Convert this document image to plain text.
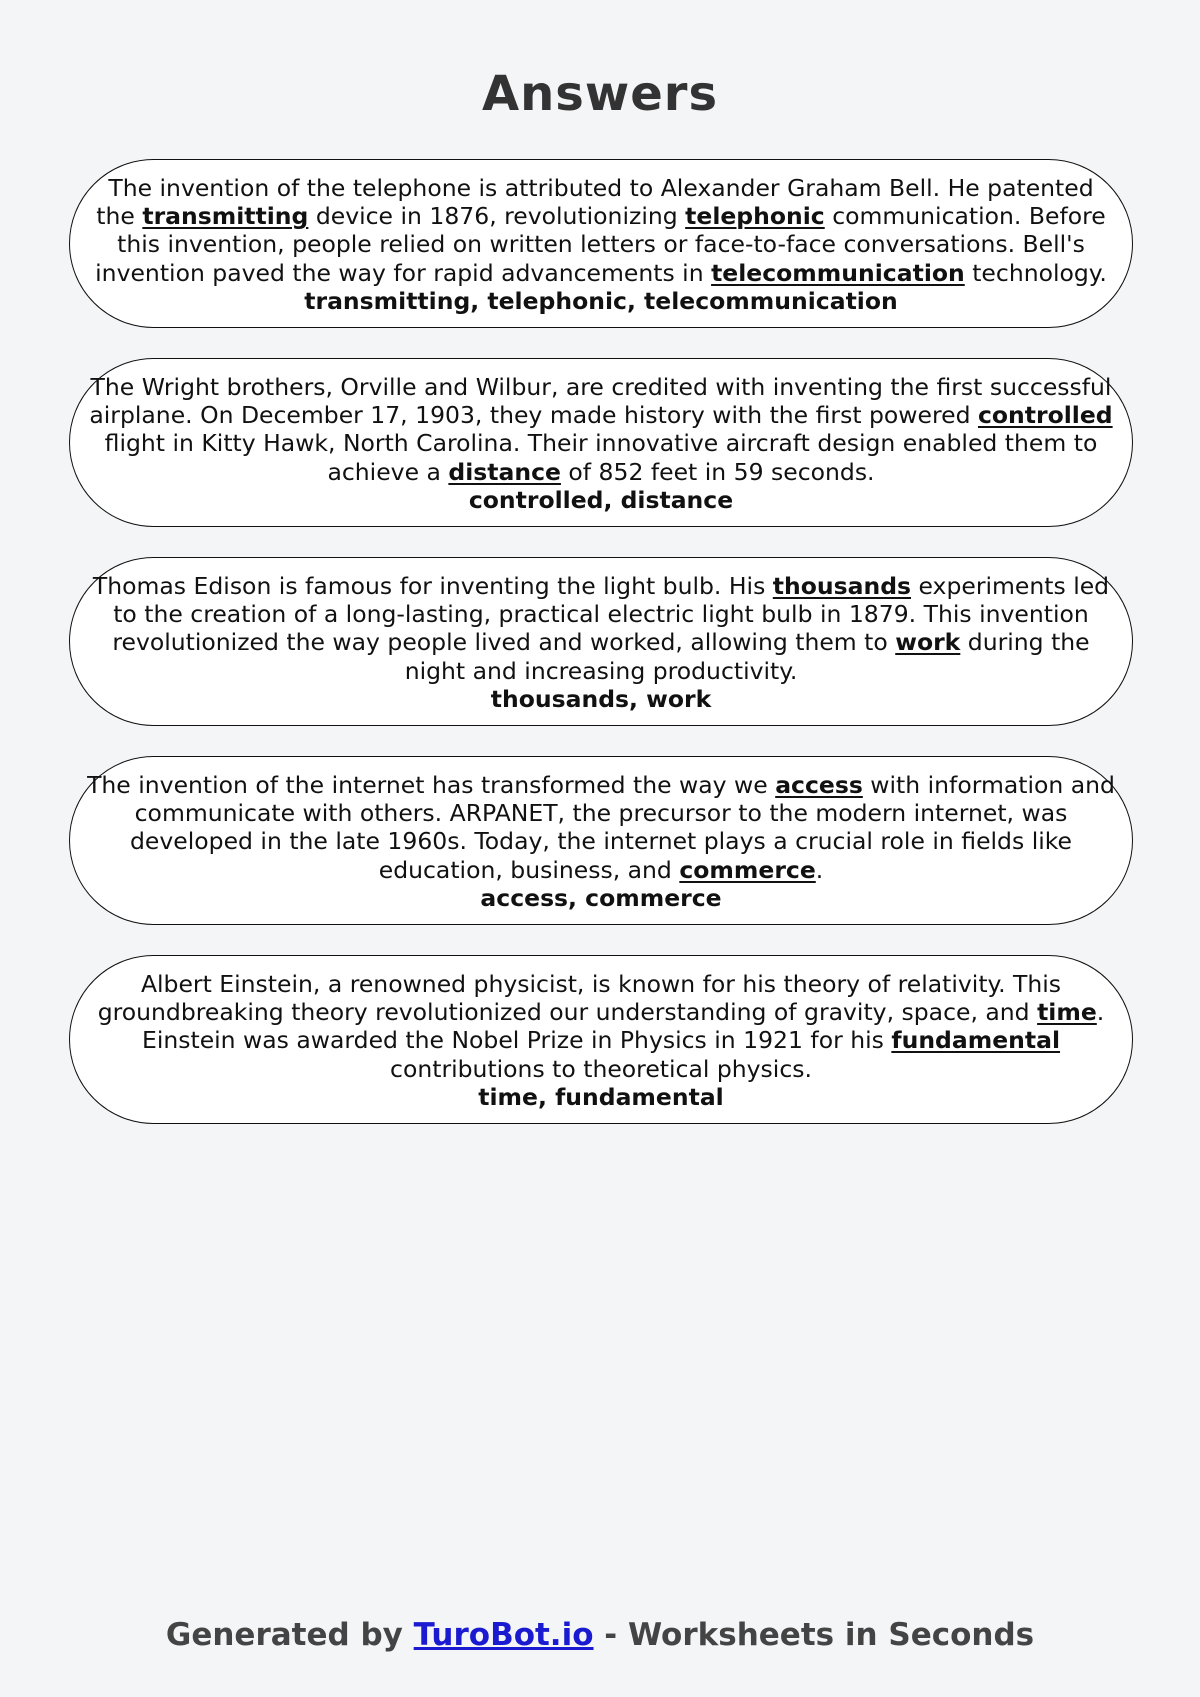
Answers

The invention of the telephone is attributed to Alexander Graham Bell. He patented the transmitting device in 1876, revolutionizing telephonic communication. Before this invention, people relied on written letters or face-to-face conversations. Bell's invention paved the way for rapid advancements in telecommunication technology.

transmitting, telephonic, telecommunication

The Wright brothers, Orville and Wilbur, are credited with inventing the first successful airplane. On December 17, 1903, they made history with the first powered controlled flight in Kitty Hawk, North Carolina. Their innovative aircraft design enabled them to achieve a distance of 852 feet in 59 seconds.

controlled, distance

Thomas Edison is famous for inventing the light bulb. His thousands experiments led to the creation of a long-lasting, practical electric light bulb in 1879. This invention revolutionized the way people lived and worked, allowing them to work during the night and increasing productivity.

thousands, work

The invention of the internet has transformed the way we access with information and communicate with others. ARPANET, the precursor to the modern internet, was developed in the late 1960s. Today, the internet plays a crucial role in fields like education, business, and commerce.

access, commerce

Albert Einstein, a renowned physicist, is known for his theory of relativity. This groundbreaking theory revolutionized our understanding of gravity, space, and time. Einstein was awarded the Nobel Prize in Physics in 1921 for his fundamental contributions to theoretical physics.

time, fundamental

Generated by TuroBot.io - Worksheets in Seconds
